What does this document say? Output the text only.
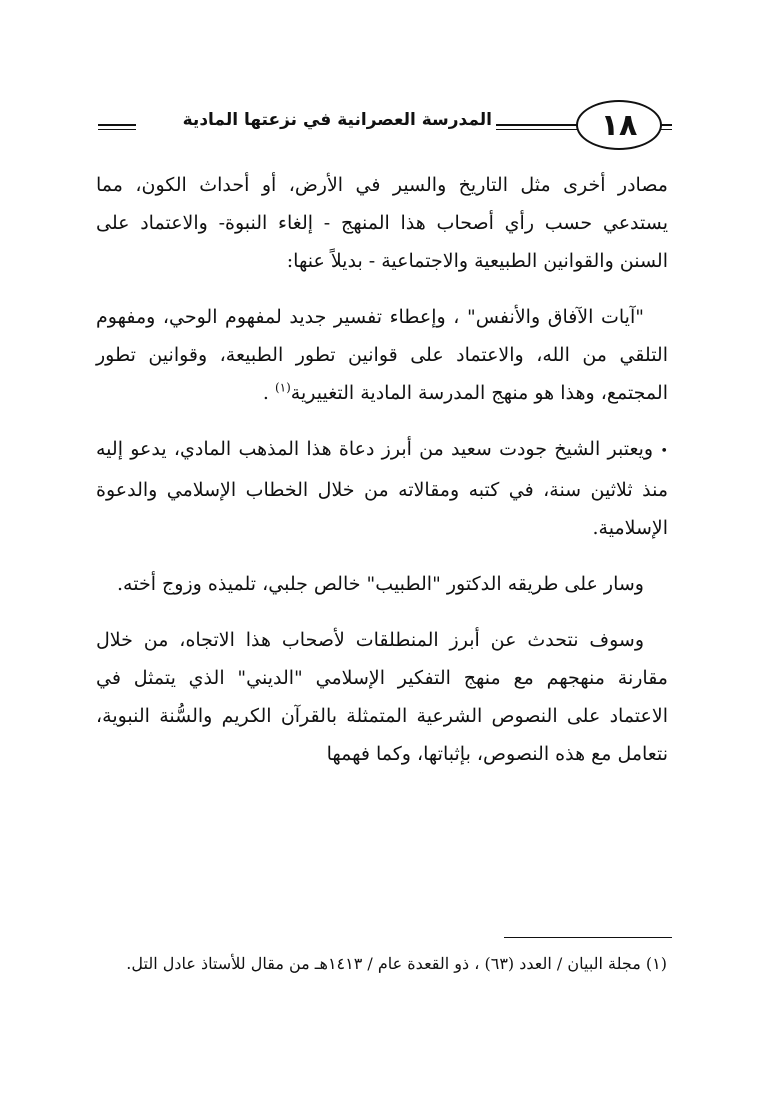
المدرسة العصرانية في نزعتها المادية	١٨

مصادر أخرى مثل التاريخ والسير في الأرض، أو أحداث الكون، مما يستدعي حسب رأي أصحاب هذا المنهج - إلغاء النبوة- والاعتماد على السنن والقوانين الطبيعية والاجتماعية - بديلاً عنها:

"آيات الآفاق والأنفس" ، وإعطاء تفسير جديد لمفهوم الوحي، ومفهوم التلقي من الله، والاعتماد على قوانين تطور الطبيعة، وقوانين تطور المجتمع، وهذا هو منهج المدرسة المادية التغييرية$^{(١)}$ .

• ويعتبر الشيخ جودت سعيد من أبرز دعاة هذا المذهب المادي، يدعو إليه منذ ثلاثين سنة، في كتبه ومقالاته من خلال الخطاب الإسلامي والدعوة الإسلامية.

وسار على طريقه الدكتور "الطبيب" خالص جلبي، تلميذه وزوج أخته.

وسوف نتحدث عن أبرز المنطلقات لأصحاب هذا الاتجاه، من خلال مقارنة منهجهم مع منهج التفكير الإسلامي "الديني" الذي يتمثل في الاعتماد على النصوص الشرعية المتمثلة بالقرآن الكريم والسُّنة النبوية، نتعامل مع هذه النصوص، بإثباتها، وكما فهمها

(١) مجلة البيان / العدد (٦٣) ، ذو القعدة عام / ١٤١٣هـ من مقال للأستاذ عادل التل.
